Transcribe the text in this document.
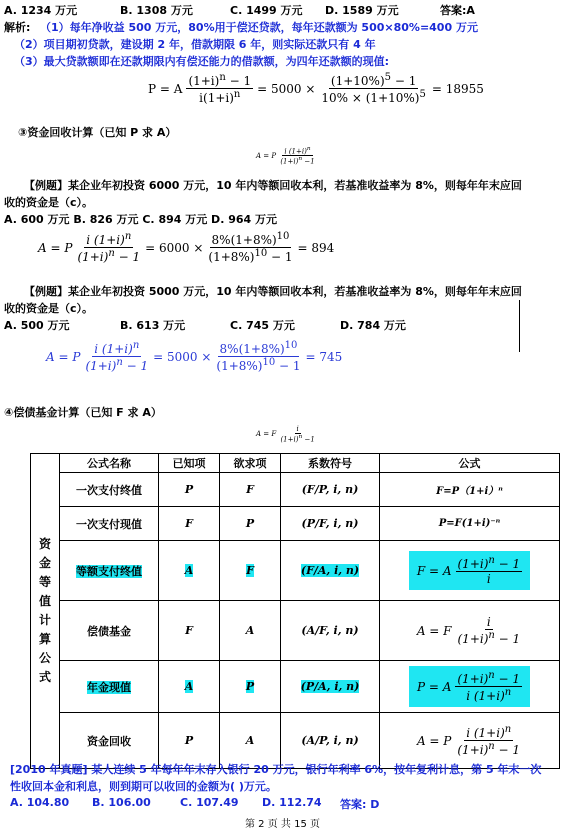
A. 1234 万元	B. 1308 万元	C. 1499 万元 D. 1589 万元	答案:A
解析: （1）每年净收益 500 万元，80%用于偿还贷款，每年还款额为 500×80%=400 万元
（2）项目期初贷款，建设期 2 年，借款期限 6 年，则实际还款只有 4 年
（3）最大贷款额即在还款期限内有偿还能力的借款额，为四年还款额的现值:
P = A $\frac{(1+i)^n - 1}{i(1+i)^n} = 5000 \times \frac{(1+10\%)^5 - 1}{10\% \times (1+10\%)^5} = 18955$
③资金回收计算（已知 P 求 A）
A = P $\frac{i (1+i)^n}{(1+i)^n -1}$
【例题】某企业年初投资 6000 万元，10 年内等额回收本利，若基准收益率为 8%，则每年年末应回
收的资金是（c）。
A. 600 万元 B. 826 万元 C. 894 万元 D. 964 万元
A = P $\frac{i (1+i)^n}{(1+i)^n - 1} = 6000 \times \frac{8\%(1+8\%)^{10}}{(1+8\%)^{10} - 1} = 894$
【例题】某企业年初投资 5000 万元，10 年内等额回收本利，若基准收益率为 8%，则每年年末应回
收的资金是（c）。
A. 500 万元	B. 613 万元	C. 745 万元	D. 784 万元
A = P $\frac{i (1+i)^n}{(1+i)^n - 1} = 5000 \times \frac{8\%(1+8\%)^{10}}{(1+8\%)^{10} - 1} = 745$
④偿债基金计算（已知 F 求 A）
A = F $\frac{i}{(1+i)^n -1}$
资金等值计算公式	公式名称	已知项	欲求项	系数符号	公式
	一次支付终值	P	F	(F/P, i, n)	F=P（1+i）ⁿ
	一次支付现值	F	P	(P/F, i, n)	P=F(1+i)⁻ⁿ
	等额支付终值	A	F	(F/A, i, n)	F = A $\frac{(1+i)^n - 1}{i}$

	偿债基金	F	A	(A/F, i, n)	A = F $\frac{i}{(1+i)^n - 1}$

	年金现值	A	P	(P/A, i, n)	P = A $\frac{(1+i)^n - 1}{i (1+i)^n}$

	资金回收	P	A	(A/P, i, n)	A = P $\frac{i (1+i)^n}{(1+i)^n - 1}$
[2010 年真题] 某人连续 5 年每年年末存入银行 20 万元，银行年利率 6%，按年复利计息，第 5 年末一次
性收回本金和利息，则到期可以收回的金额为( )万元。
A. 104.80 B. 106.00	C. 107.49 D. 112.74 答案: D
第 2 页 共 15 页
